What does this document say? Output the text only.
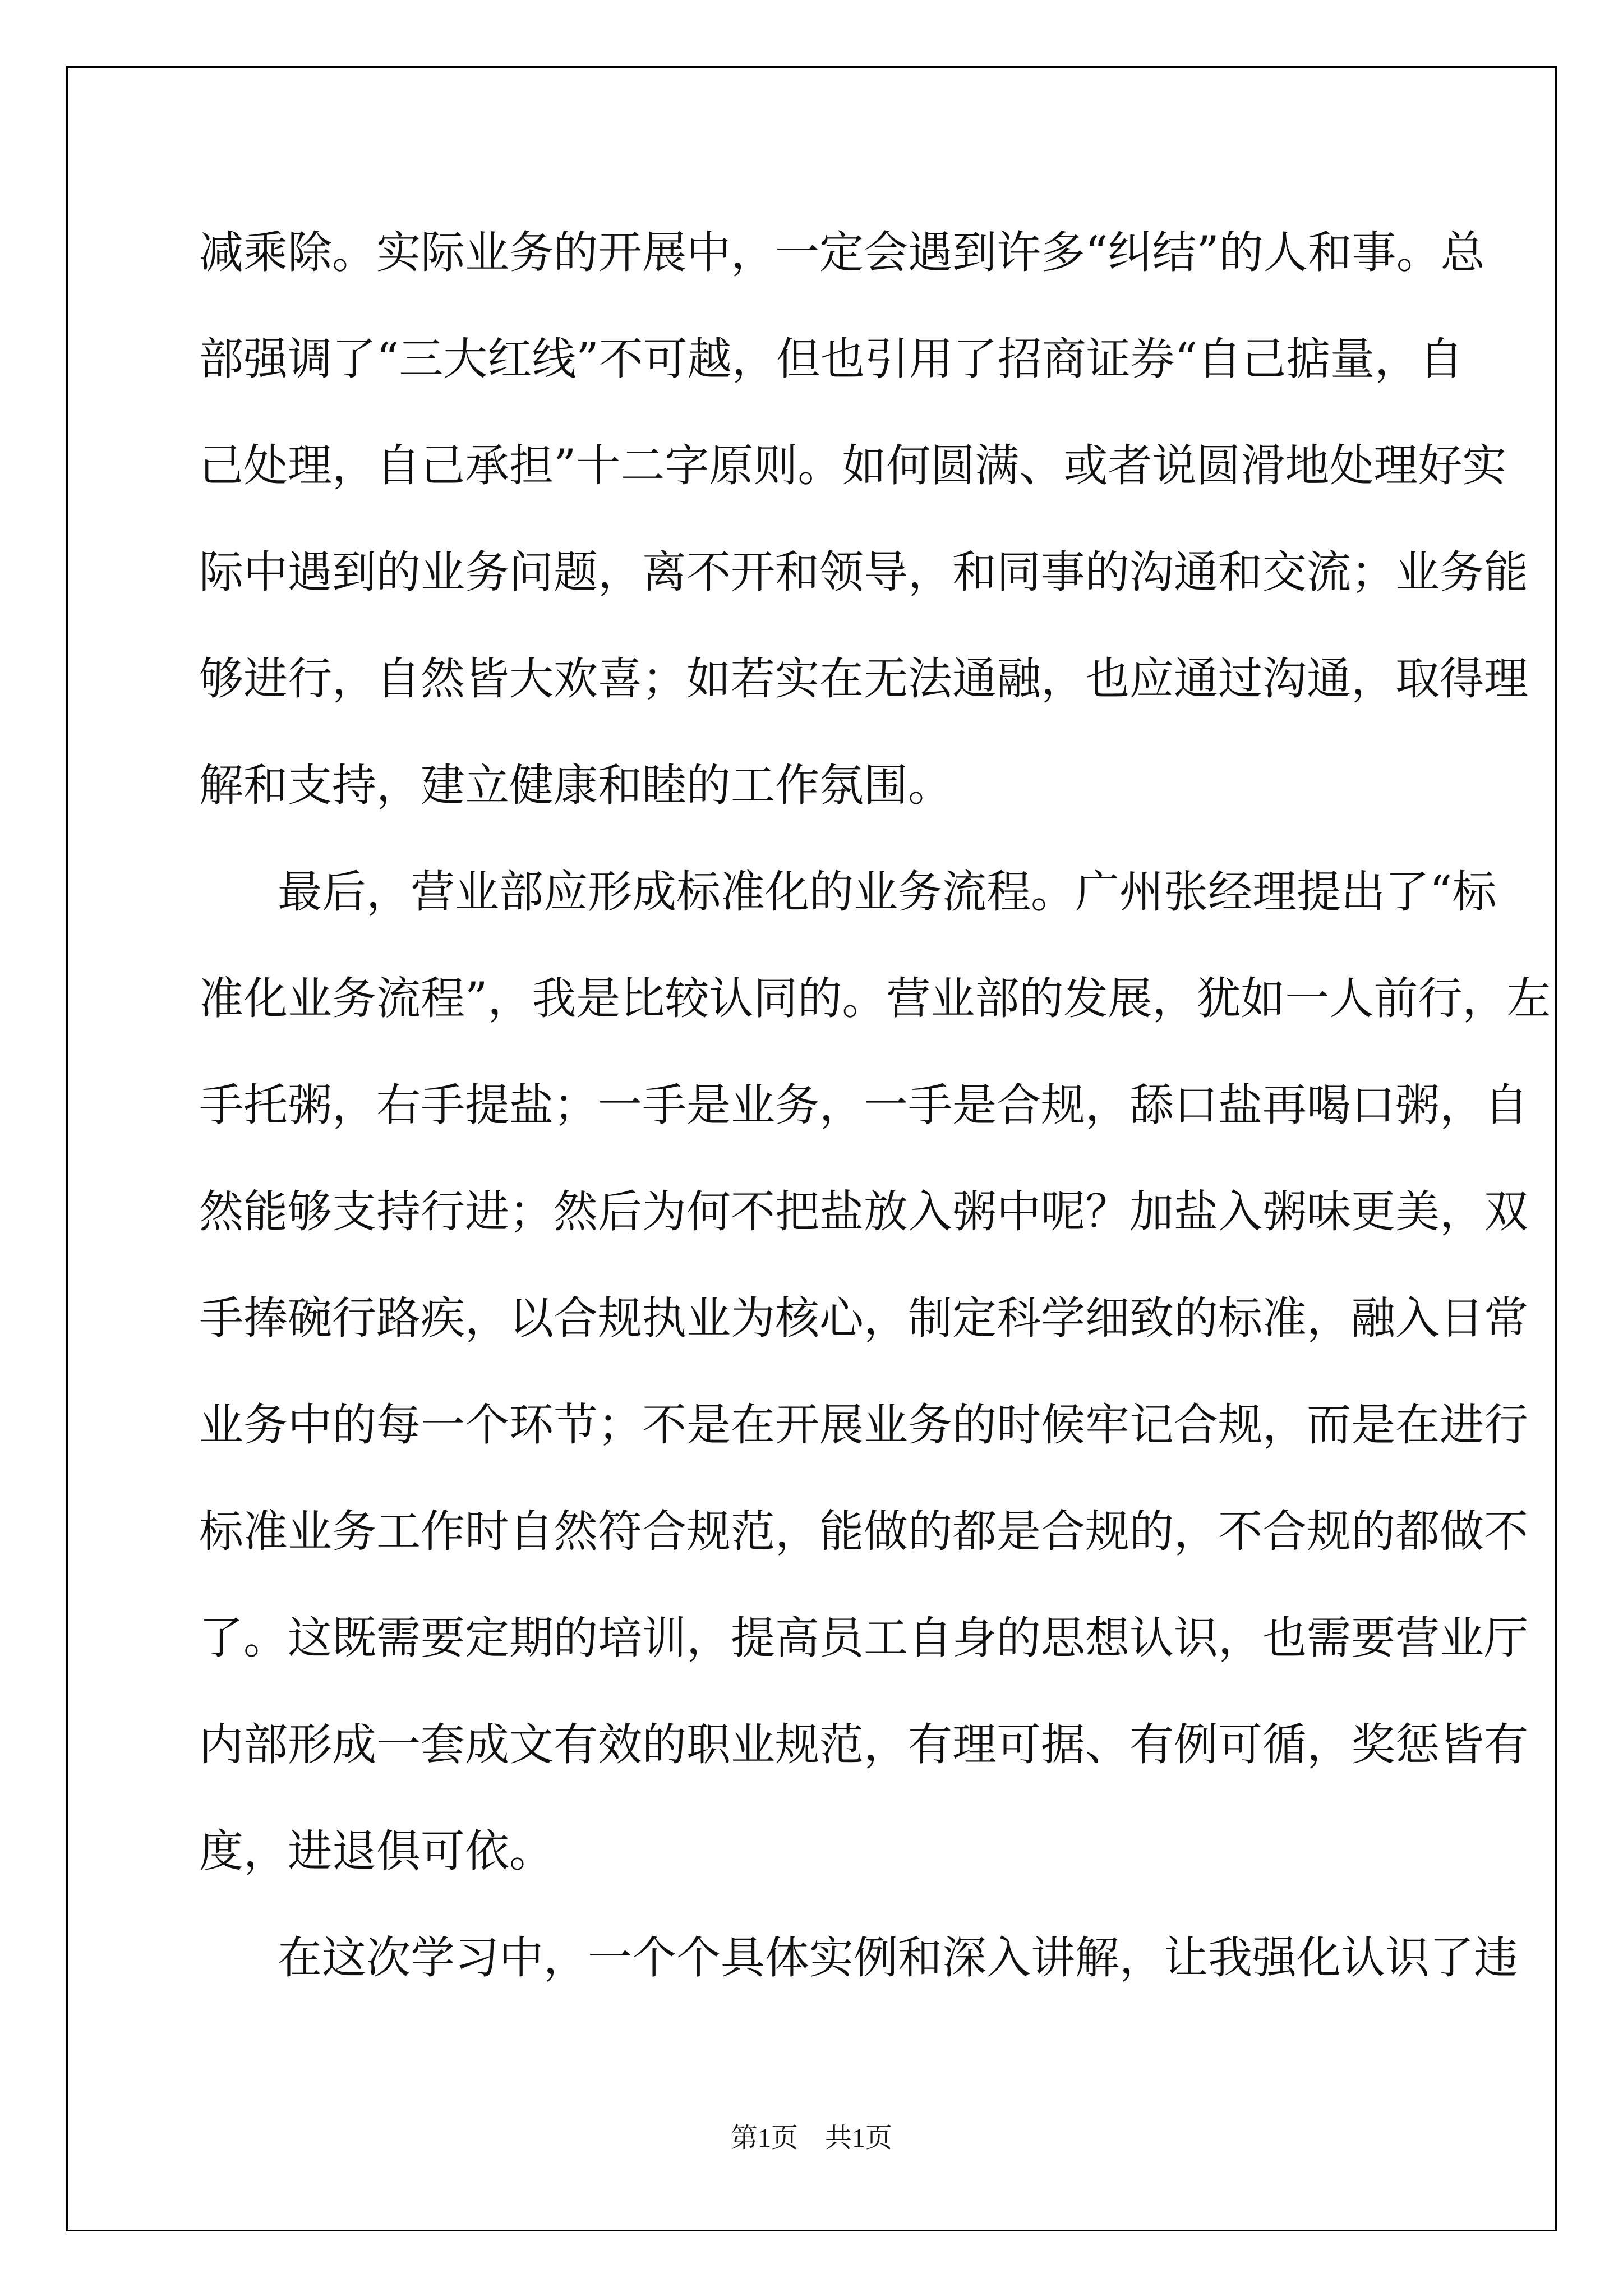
减乘除。实际业务的开展中，一定会遇到许多“纠结”的人和事。总
部强调了“三大红线”不可越，但也引用了招商证券“自己掂量，自
己处理，自己承担”十二字原则。如何圆满、或者说圆滑地处理好实
际中遇到的业务问题，离不开和领导，和同事的沟通和交流；业务能
够进行，自然皆大欢喜；如若实在无法通融，也应通过沟通，取得理
解和支持，建立健康和睦的工作氛围。
最后，营业部应形成标准化的业务流程。广州张经理提出了“标
准化业务流程”，我是比较认同的。营业部的发展，犹如一人前行，左
手托粥，右手提盐；一手是业务，一手是合规，舔口盐再喝口粥，自
然能够支持行进；然后为何不把盐放入粥中呢？加盐入粥味更美，双
手捧碗行路疾，以合规执业为核心，制定科学细致的标准，融入日常
业务中的每一个环节；不是在开展业务的时候牢记合规，而是在进行
标准业务工作时自然符合规范，能做的都是合规的，不合规的都做不
了。这既需要定期的培训，提高员工自身的思想认识，也需要营业厅
内部形成一套成文有效的职业规范，有理可据、有例可循，奖惩皆有
度，进退俱可依。
在这次学习中，一个个具体实例和深入讲解，让我强化认识了违
第1页　共1页
